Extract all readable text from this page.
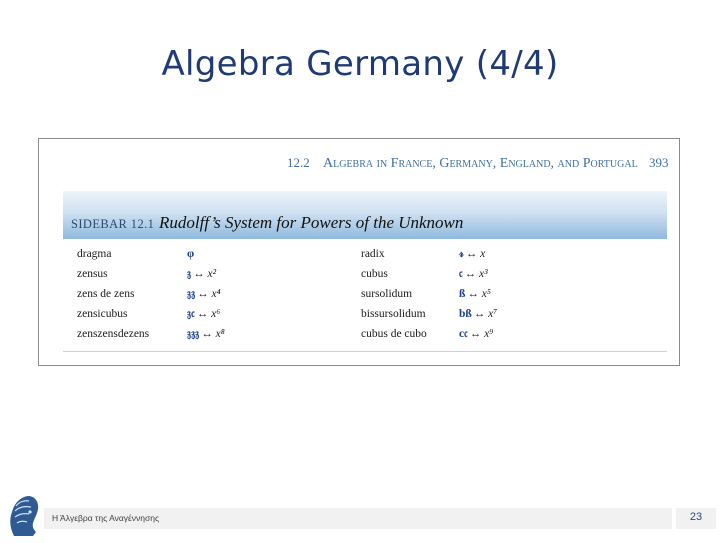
Algebra Germany (4/4)
12.2 Algebra in France, Germany, England, and Portugal 393
SIDEBAR 12.1 Rudolff’s System for Powers of the Unknown
dragma	φ	radix	𝓇 ↔ x
zensus	𝔷 ↔ x²	cubus	𝔠 ↔ x³
zens de zens	𝔷𝔷 ↔ x⁴	sursolidum	ß ↔ x⁵
zensicubus	𝔷𝔠 ↔ x⁶	bissursolidum	bß ↔ x⁷
zenszensdezens	𝔷𝔷𝔷 ↔ x⁸	cubus de cubo	c𝔠 ↔ x⁹
Η Άλγεβρα της Αναγέννησης	23
